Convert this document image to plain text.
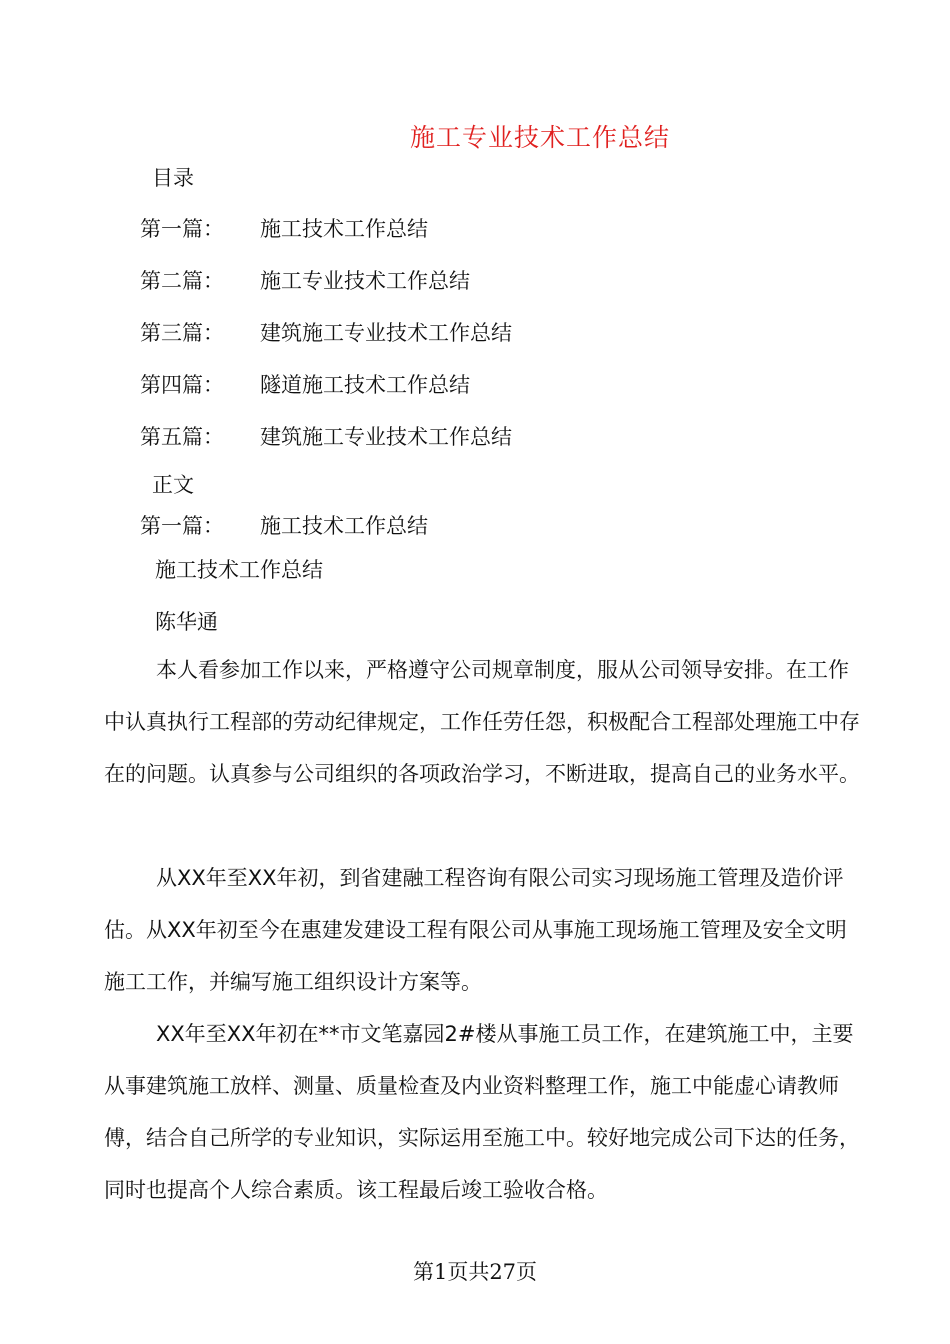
施工专业技术工作总结
目录
第一篇： 施工技术工作总结
第二篇： 施工专业技术工作总结
第三篇： 建筑施工专业技术工作总结
第四篇： 隧道施工技术工作总结
第五篇： 建筑施工专业技术工作总结
正文
第一篇： 施工技术工作总结
施工技术工作总结
陈华通

本人看参加工作以来，严格遵守公司规章制度，服从公司领导安排。在工作中认真执行工程部的劳动纪律规定，工作任劳任怨，积极配合工程部处理施工中存在的问题。认真参与公司组织的各项政治学习，不断进取，提高自己的业务水平。

从XX年至XX年初，到省建融工程咨询有限公司实习现场施工管理及造价评估。从XX年初至今在惠建发建设工程有限公司从事施工现场施工管理及安全文明施工工作，并编写施工组织设计方案等。

XX年至XX年初在**市文笔嘉园2#楼从事施工员工作，在建筑施工中，主要从事建筑施工放样、测量、质量检查及内业资料整理工作，施工中能虚心请教师傅，结合自己所学的专业知识，实际运用至施工中。较好地完成公司下达的任务，同时也提高个人综合素质。该工程最后竣工验收合格。

第1页共27页
